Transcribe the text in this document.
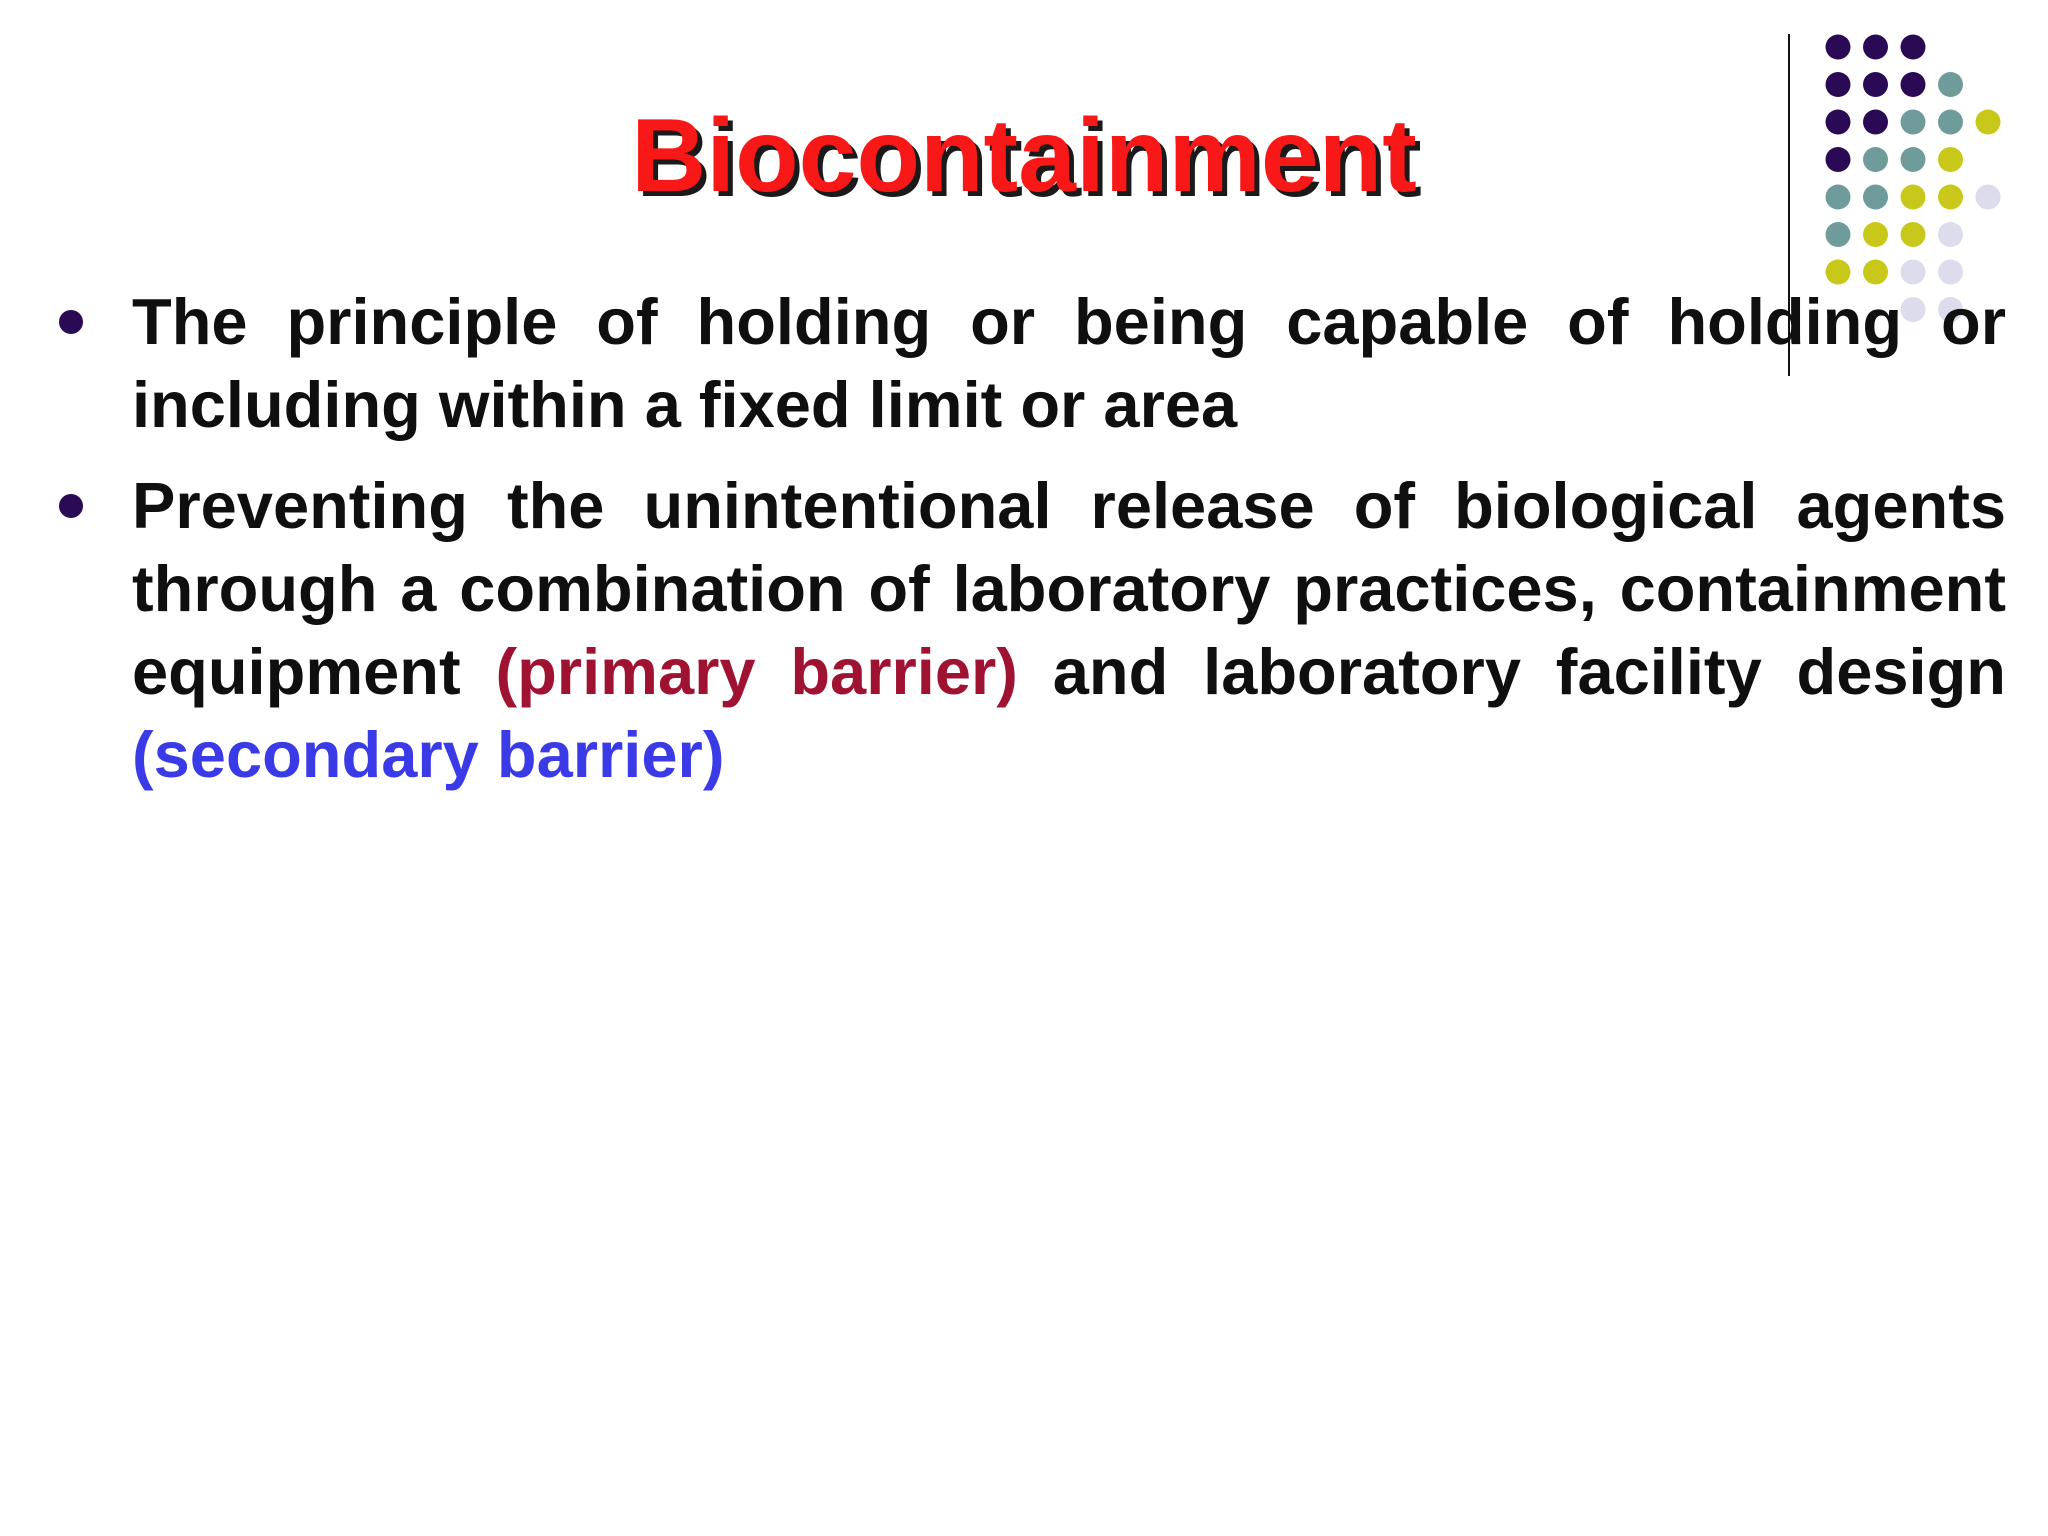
Biocontainment
The principle of holding or being capable of holding or including within a fixed limit or area
Preventing the unintentional release of biological agents through a combination of laboratory practices, containment equipment (primary barrier) and laboratory facility design (secondary barrier)
